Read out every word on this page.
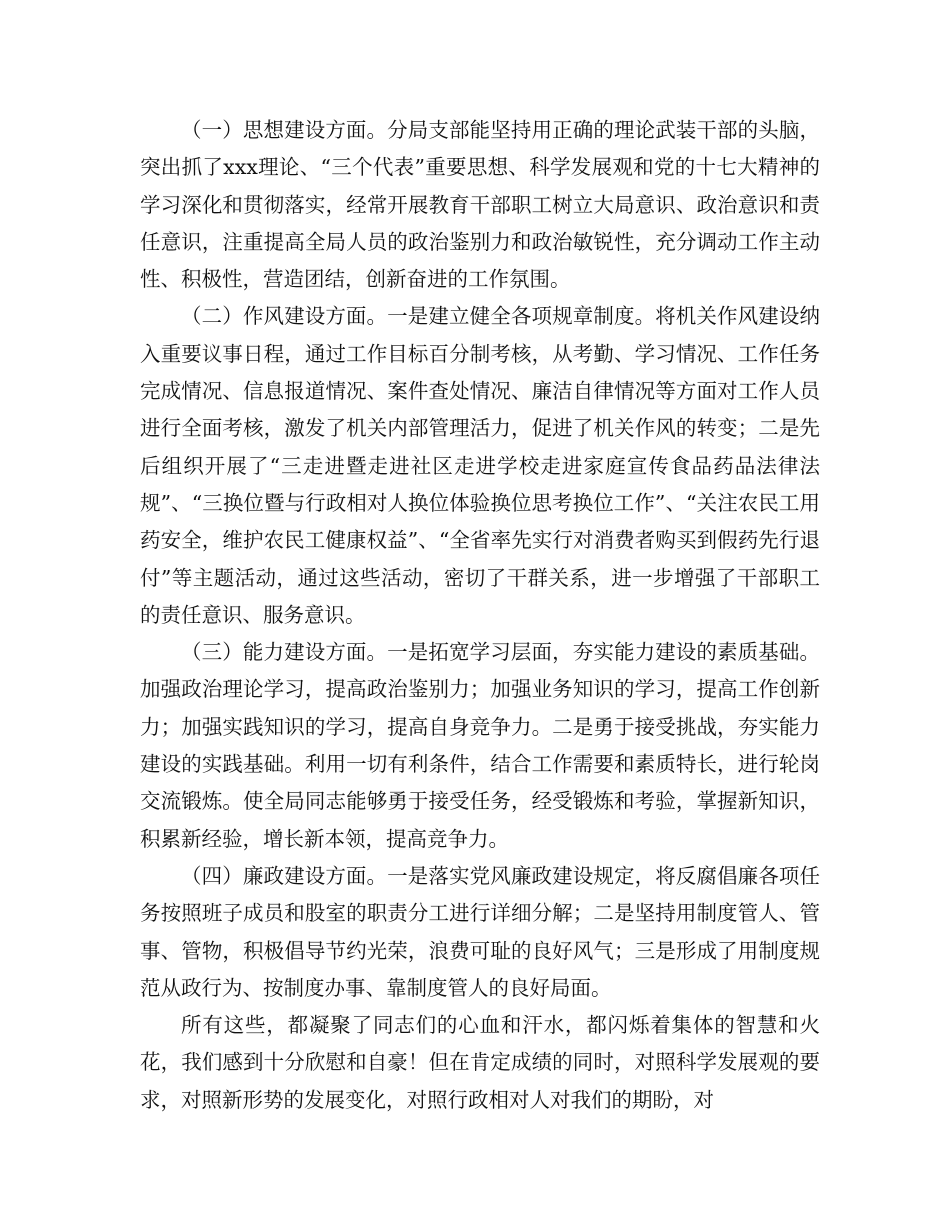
（一）思想建设方面。分局支部能坚持用正确的理论武装干部的头脑，突出抓了xxx理论、“三个代表”重要思想、科学发展观和党的十七大精神的学习深化和贯彻落实，经常开展教育干部职工树立大局意识、政治意识和责任意识，注重提高全局人员的政治鉴别力和政治敏锐性，充分调动工作主动性、积极性，营造团结，创新奋进的工作氛围。

（二）作风建设方面。一是建立健全各项规章制度。将机关作风建设纳入重要议事日程，通过工作目标百分制考核，从考勤、学习情况、工作任务完成情况、信息报道情况、案件查处情况、廉洁自律情况等方面对工作人员进行全面考核，激发了机关内部管理活力，促进了机关作风的转变；二是先后组织开展了“三走进暨走进社区走进学校走进家庭宣传食品药品法律法规”、“三换位暨与行政相对人换位体验换位思考换位工作”、“关注农民工用药安全，维护农民工健康权益”、“全省率先实行对消费者购买到假药先行退付”等主题活动，通过这些活动，密切了干群关系，进一步增强了干部职工的责任意识、服务意识。

（三）能力建设方面。一是拓宽学习层面，夯实能力建设的素质基础。加强政治理论学习，提高政治鉴别力；加强业务知识的学习，提高工作创新力；加强实践知识的学习，提高自身竞争力。二是勇于接受挑战，夯实能力建设的实践基础。利用一切有利条件，结合工作需要和素质特长，进行轮岗交流锻炼。使全局同志能够勇于接受任务，经受锻炼和考验，掌握新知识，积累新经验，增长新本领，提高竞争力。

（四）廉政建设方面。一是落实党风廉政建设规定，将反腐倡廉各项任务按照班子成员和股室的职责分工进行详细分解；二是坚持用制度管人、管事、管物，积极倡导节约光荣，浪费可耻的良好风气；三是形成了用制度规范从政行为、按制度办事、靠制度管人的良好局面。

所有这些，都凝聚了同志们的心血和汗水，都闪烁着集体的智慧和火花，我们感到十分欣慰和自豪！但在肯定成绩的同时，对照科学发展观的要求，对照新形势的发展变化，对照行政相对人对我们的期盼，对
